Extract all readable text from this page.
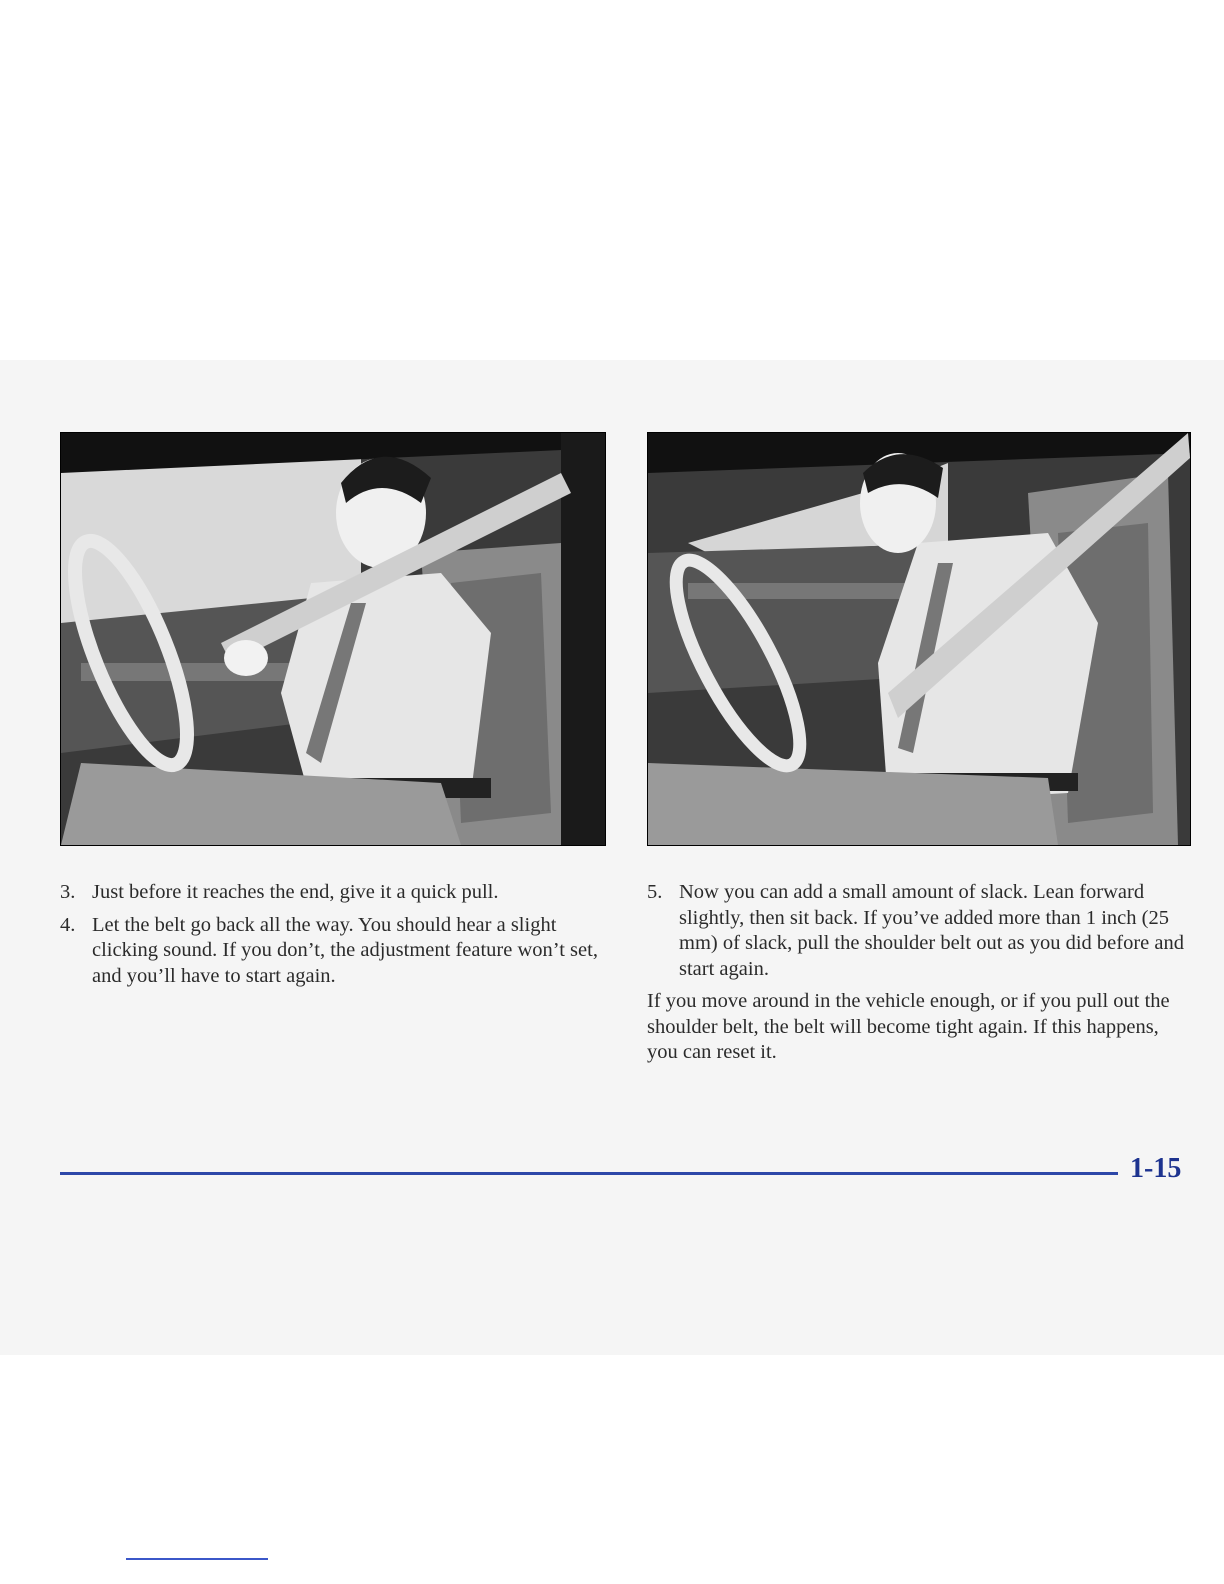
3. Just before it reaches the end, give it a quick pull.
4. Let the belt go back all the way. You should hear a slight clicking sound. If you don’t, the adjustment feature won’t set, and you’ll have to start again.
5. Now you can add a small amount of slack. Lean forward slightly, then sit back. If you’ve added more than 1 inch (25 mm) of slack, pull the shoulder belt out as you did before and start again.

If you move around in the vehicle enough, or if you pull out the shoulder belt, the belt will become tight again. If this happens, you can reset it.

1-15
